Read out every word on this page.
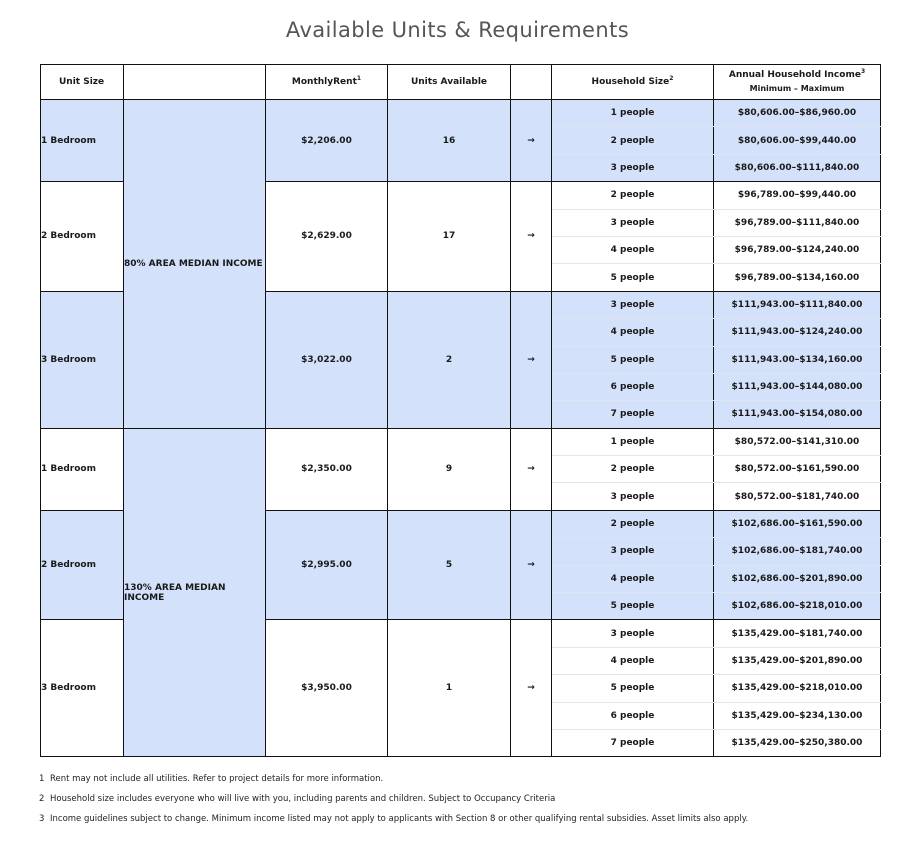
Available Units & Requirements
Unit Size		MonthlyRent$^1$	Units Available		Household Size$^2$	Annual Household Income$^3$
Minimum – Maximum

1 Bedroom	80% AREA MEDIAN INCOME	$2,206.00	16	→	1 people	$80,606.00–$86,960.00
					2 people	$80,606.00–$99,440.00
					3 people	$80,606.00–$111,840.00
2 Bedroom		$2,629.00	17	→	2 people	$96,789.00–$99,440.00
					3 people	$96,789.00–$111,840.00
					4 people	$96,789.00–$124,240.00
					5 people	$96,789.00–$134,160.00
3 Bedroom		$3,022.00	2	→	3 people	$111,943.00–$111,840.00
					4 people	$111,943.00–$124,240.00
					5 people	$111,943.00–$134,160.00
					6 people	$111,943.00–$144,080.00
					7 people	$111,943.00–$154,080.00
1 Bedroom	130% AREA MEDIAN INCOME	$2,350.00	9	→	1 people	$80,572.00–$141,310.00
					2 people	$80,572.00–$161,590.00
					3 people	$80,572.00–$181,740.00
2 Bedroom		$2,995.00	5	→	2 people	$102,686.00–$161,590.00
					3 people	$102,686.00–$181,740.00
					4 people	$102,686.00–$201,890.00
					5 people	$102,686.00–$218,010.00
3 Bedroom		$3,950.00	1	→	3 people	$135,429.00–$181,740.00
					4 people	$135,429.00–$201,890.00
					5 people	$135,429.00–$218,010.00
					6 people	$135,429.00–$234,130.00
					7 people	$135,429.00–$250,380.00
1 Rent may not include all utilities. Refer to project details for more information.
2 Household size includes everyone who will live with you, including parents and children. Subject to Occupancy Criteria
3 Income guidelines subject to change. Minimum income listed may not apply to applicants with Section 8 or other qualifying rental subsidies. Asset limits also apply.
